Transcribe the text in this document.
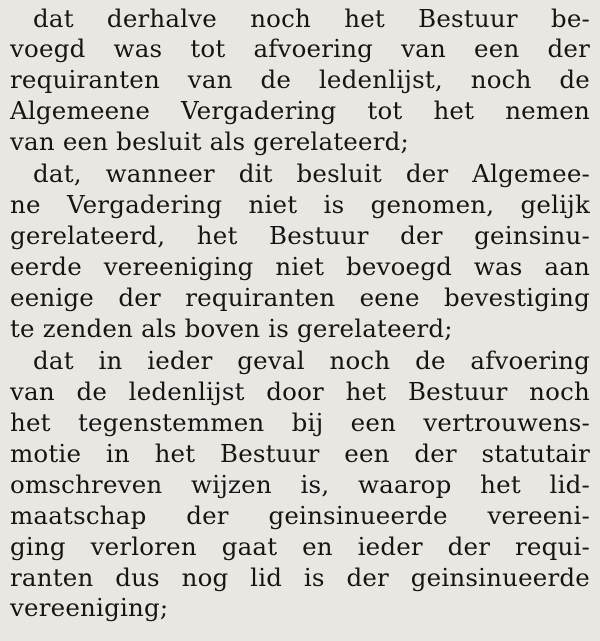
dat derhalve noch het Bestuur be-
voegd was tot afvoering van een der
requiranten van de ledenlijst, noch de
Algemeene Vergadering tot het nemen
van een besluit als gerelateerd;
dat, wanneer dit besluit der Algemee-
ne Vergadering niet is genomen, gelijk
gerelateerd, het Bestuur der geinsinu-
eerde vereeniging niet bevoegd was aan
eenige der requiranten eene bevestiging
te zenden als boven is gerelateerd;
dat in ieder geval noch de afvoering
van de ledenlijst door het Bestuur noch
het tegenstemmen bij een vertrouwens-
motie in het Bestuur een der statutair
omschreven wijzen is, waarop het lid-
maatschap der geinsinueerde vereeni-
ging verloren gaat en ieder der requi-
ranten dus nog lid is der geinsinueerde
vereeniging;
